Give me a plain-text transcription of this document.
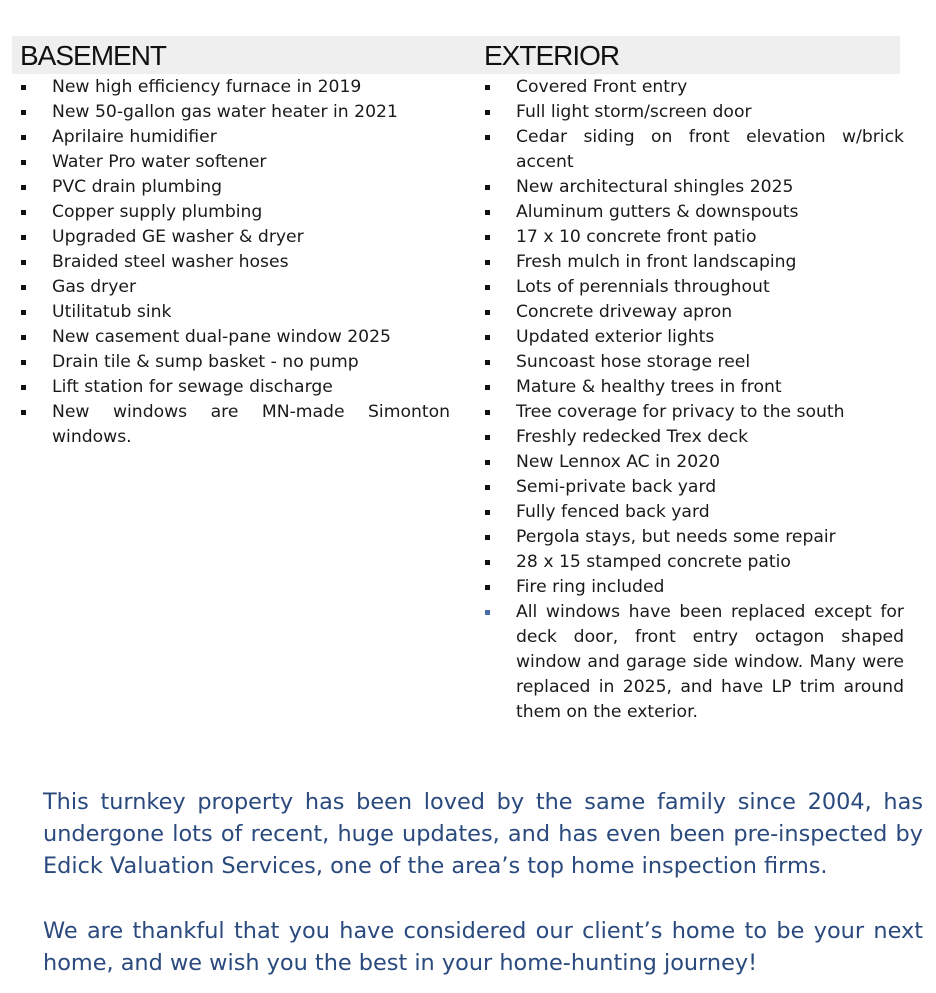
BASEMENT	EXTERIOR
New high efficiency furnace in 2019
New 50-gallon gas water heater in 2021
Aprilaire humidifier
Water Pro water softener
PVC drain plumbing
Copper supply plumbing
Upgraded GE washer & dryer
Braided steel washer hoses
Gas dryer
Utilitatub sink
New casement dual-pane window 2025
Drain tile & sump basket - no pump
Lift station for sewage discharge
New windows are MN-made Simonton windows.
Covered Front entry
Full light storm/screen door
Cedar siding on front elevation w/brick accent
New architectural shingles 2025
Aluminum gutters & downspouts
17 x 10 concrete front patio
Fresh mulch in front landscaping
Lots of perennials throughout
Concrete driveway apron
Updated exterior lights
Suncoast hose storage reel
Mature & healthy trees in front
Tree coverage for privacy to the south
Freshly redecked Trex deck
New Lennox AC in 2020
Semi-private back yard
Fully fenced back yard
Pergola stays, but needs some repair
28 x 15 stamped concrete patio
Fire ring included
All windows have been replaced except for deck door, front entry octagon shaped window and garage side window. Many were replaced in 2025, and have LP trim around them on the exterior.

This turnkey property has been loved by the same family since 2004, has undergone lots of recent, huge updates, and has even been pre-inspected by Edick Valuation Services, one of the area’s top home inspection firms.

We are thankful that you have considered our client’s home to be your next home, and we wish you the best in your home-hunting journey!
